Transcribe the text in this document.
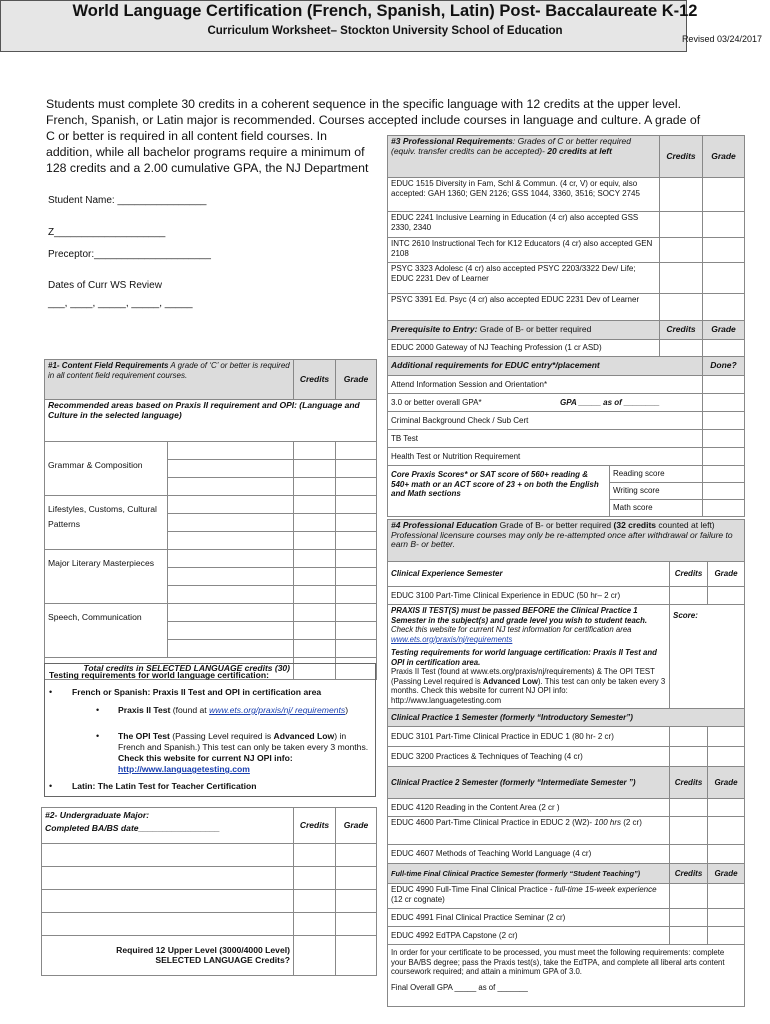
World Language Certification (French, Spanish, Latin) Post- Baccalaureate K-12
Curriculum Worksheet– Stockton University School of Education
Revised 03/24/2017
Students must complete 30 credits in a coherent sequence in the specific language with 12 credits at the upper level.
French, Spanish, or Latin major is recommended. Courses accepted include courses in language and culture. A grade of
C or better is required in all content field courses. In
addition, while all bachelor programs require a minimum of
128 credits and a 2.00 cumulative GPA, the NJ Department
Student Name: ________________
Z____________________
Preceptor:_____________________
Dates of Curr WS Review
___, ____, _____, _____, _____
#1- Content Field Requirements A grade of ‘C’ or better is required in all content field requirement courses.		Credits	Grade
Recommended areas based on Praxis II requirement and OPI: (Language and Culture in the selected language)			
Grammar & Composition			

Lifestyles, Customs, Cultural Patterns			

Major Literary Masterpieces			

Speech, Communication			

Total credits in SELECTED LANGUAGE credits (30)			
Testing requirements for world language certification:
• French or Spanish: Praxis II Test and OPI in certification area
• Praxis II Test (found at www.ets.org/praxis/nj/ requirements)
• The OPI Test (Passing Level required is Advanced Low) in French and Spanish.) This test can only be taken every 3 months. Check this website for current NJ OPI info: http://www.languagetesting.com
• Latin: The Latin Test for Teacher Certification
#2- Undergraduate Major:
Completed BA/BS date_________________	Credits	Grade

Required 12 Upper Level (3000/4000 Level) SELECTED LANGUAGE Credits?		
#3 Professional Requirements: Grades of C or better required (equiv. transfer credits can be accepted)- 20 credits at left		Credits	Grade
EDUC 1515 Diversity in Fam, Schl & Commun. (4 cr, V) or equiv, also accepted: GAH 1360; GEN 2126; GSS 1044, 3360, 3516; SOCY 2745			
EDUC 2241 Inclusive Learning in Education (4 cr) also accepted GSS 2330, 2340			
INTC 2610 Instructional Tech for K12 Educators (4 cr) also accepted GEN 2108			
PSYC 3323 Adolesc (4 cr) also accepted PSYC 2203/3322 Dev/ Life; EDUC 2231 Dev of Learner			
PSYC 3391 Ed. Psyc (4 cr) also accepted EDUC 2231 Dev of Learner			
Prerequisite to Entry: Grade of B- or better required		Credits	Grade
EDUC 2000 Gateway of NJ Teaching Profession (1 cr ASD)			
Additional requirements for EDUC entry*/placement			Done?
Attend Information Session and Orientation*			
3.0 or better overall GPA* GPA _____ as of ________			

Criminal Background Check / Sub Cert			
TB Test			
Health Test or Nutrition Requirement			
Core Praxis Scores* or SAT score of 560+ reading & 540+ math or an ACT score of 23 + on both the English and Math sections	Reading score		
	Writing score		
	Math score		
#4 Professional Education Grade of B- or better required (32 credits counted at left) Professional licensure courses may only be re-attempted once after withdrawal or failure to earn B- or better.		
Clinical Experience Semester	Credits	Grade
EDUC 3100 Part-Time Clinical Experience in EDUC (50 hr– 2 cr)		

PRAXIS II TEST(S) must be passed BEFORE the Clinical Practice 1 Semester in the subject(s) and grade level you wish to student teach. Check this website for current NJ test information for certification area www.ets.org/praxis/nj/requirements
Testing requirements for world language certification: Praxis II Test and OPI in certification area.
Praxis II Test (found at www.ets.org/praxis/nj/requirements) & The OPI TEST (Passing Level required is Advanced Low). This test can only be taken every 3 months. Check this website for current NJ OPI info: http://www.languagetesting.com	Score:	
Clinical Practice 1 Semester (formerly “Introductory Semester”)		
EDUC 3101 Part-Time Clinical Practice in EDUC 1 (80 hr- 2 cr)		
EDUC 3200 Practices & Techniques of Teaching (4 cr)		
Clinical Practice 2 Semester (formerly “Intermediate Semester ”)	Credits	Grade
EDUC 4120 Reading in the Content Area (2 cr )		
EDUC 4600 Part-Time Clinical Practice in EDUC 2 (W2)- 100 hrs (2 cr)		
EDUC 4607 Methods of Teaching World Language (4 cr)		
Full-time Final Clinical Practice Semester (formerly “Student Teaching”)	Credits	Grade
EDUC 4990 Full-Time Final Clinical Practice - full-time 15-week experience (12 cr cognate)		
EDUC 4991 Final Clinical Practice Seminar (2 cr)		
EDUC 4992 EdTPA Capstone (2 cr)		

In order for your certificate to be processed, you must meet the following requirements: complete your BA/BS degree; pass the Praxis test(s), take the EdTPA, and complete all liberal arts content coursework required; and attain a minimum GPA of 3.0.
Final Overall GPA _____ as of _______		
